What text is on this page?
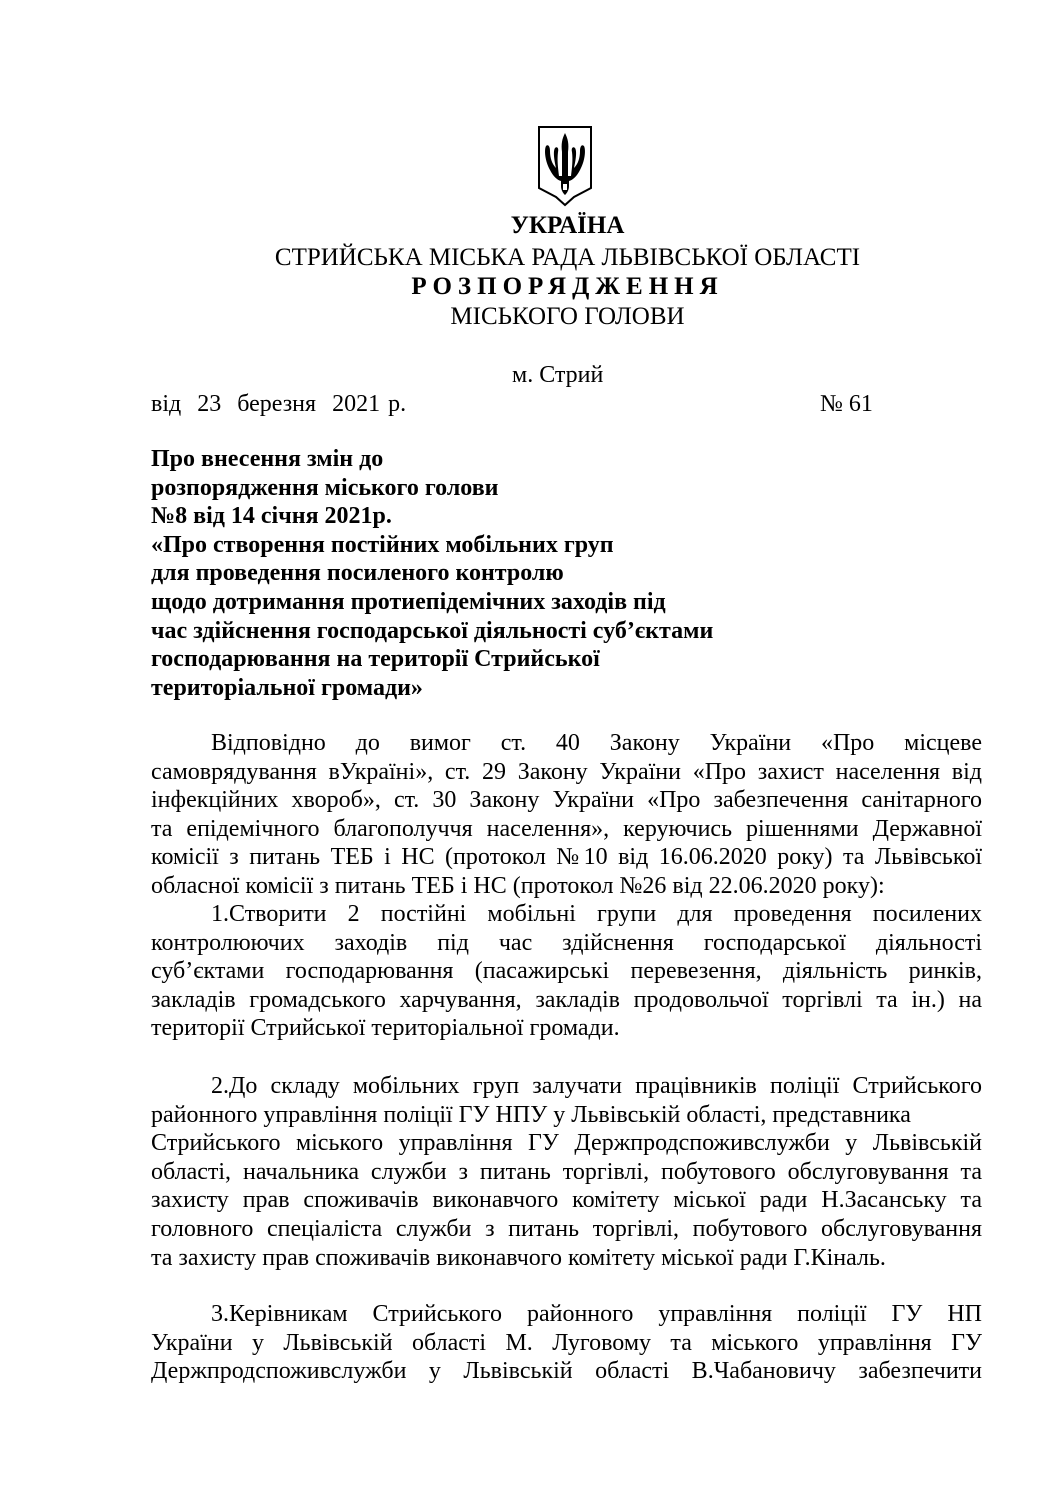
УКРАЇНА
СТРИЙСЬКА МІСЬКА РАДА ЛЬВІВСЬКОЇ ОБЛАСТІ
РОЗПОРЯДЖЕННЯ
МІСЬКОГО ГОЛОВИ
м. Стрий
від  23  березня  2021 р.	№ 61
Про внесення змін до
розпорядження міського голови
№8 від 14 січня 2021р.
«Про створення постійних мобільних груп
для проведення посиленого контролю
щодо дотримання протиепідемічних заходів під
час здійснення господарської діяльності суб’єктами
господарювання на території Стрийської
територіальної громади»
Відповідно до вимог ст. 40 Закону України «Про місцеве
самоврядування вУкраїні», ст. 29 Закону України «Про захист населення від
інфекційних хвороб», ст. 30 Закону України «Про забезпечення санітарного
та епідемічного благополуччя населення», керуючись рішеннями Державної
комісії з питань ТЕБ і НС (протокол №10 від 16.06.2020 року) та Львівської
обласної комісії з питань ТЕБ і НС (протокол №26 від 22.06.2020 року):
1.Створити 2 постійні мобільні групи для проведення посилених
контролюючих заходів під час здійснення господарської діяльності
суб’єктами господарювання (пасажирські перевезення, діяльність ринків,
закладів громадського харчування, закладів продовольчої торгівлі та ін.) на
території Стрийської територіальної громади.
2.До складу мобільних груп залучати працівників поліції Стрийського
районного управління поліції ГУ НПУ у Львівській області, представника
Стрийського міського управління ГУ Держпродспоживслужби у Львівській
області, начальника служби з питань торгівлі, побутового обслуговування та
захисту прав споживачів виконавчого комітету міської ради Н.Засанську та
головного спеціаліста служби з питань торгівлі, побутового обслуговування
та захисту прав споживачів виконавчого комітету міської ради Г.Кіналь.
3.Керівникам Стрийського районного управління поліції ГУ НП
України у Львівській області М. Луговому та міського управління ГУ
Держпродспоживслужби у Львівській області В.Чабановичу забезпечити
